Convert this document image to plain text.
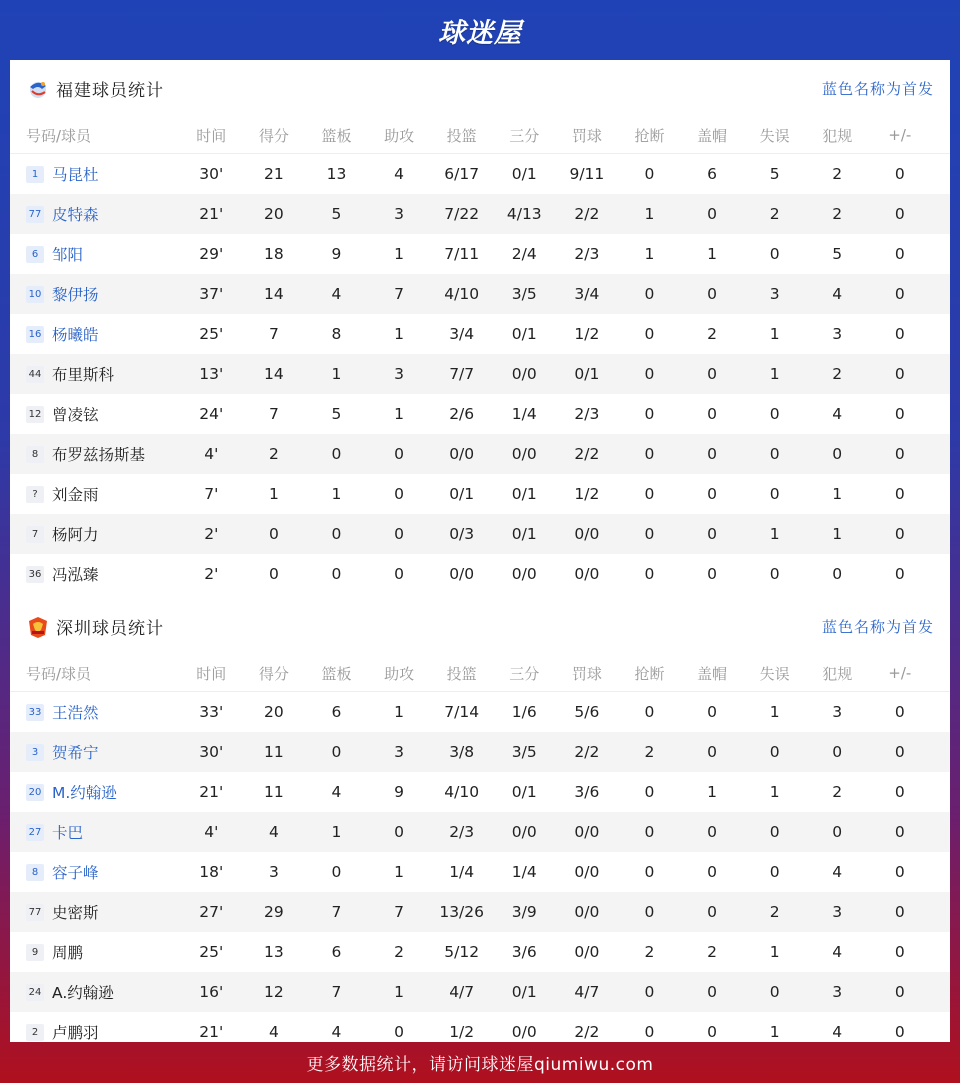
球迷屋
福建球员统计	蓝色名称为首发
号码/球员	时间	得分	篮板	助攻	投篮	三分	罚球	抢断	盖帽	失误	犯规	+/-
1 马昆杜	30'	21	13	4	6/17	0/1	9/11	0	6	5	2	0
77 皮特森	21'	20	5	3	7/22	4/13	2/2	1	0	2	2	0
6 邹阳	29'	18	9	1	7/11	2/4	2/3	1	1	0	5	0
10 黎伊扬	37'	14	4	7	4/10	3/5	3/4	0	0	3	4	0
16 杨曦皓	25'	7	8	1	3/4	0/1	1/2	0	2	1	3	0
44 布里斯科	13'	14	1	3	7/7	0/0	0/1	0	0	1	2	0
12 曾凌铉	24'	7	5	1	2/6	1/4	2/3	0	0	0	4	0
8 布罗兹扬斯基	4'	2	0	0	0/0	0/0	2/2	0	0	0	0	0
? 刘金雨	7'	1	1	0	0/1	0/1	1/2	0	0	0	1	0
7 杨阿力	2'	0	0	0	0/3	0/1	0/0	0	0	1	1	0
36 冯泓臻	2'	0	0	0	0/0	0/0	0/0	0	0	0	0	0
深圳球员统计	蓝色名称为首发
号码/球员	时间	得分	篮板	助攻	投篮	三分	罚球	抢断	盖帽	失误	犯规	+/-
33 王浩然	33'	20	6	1	7/14	1/6	5/6	0	0	1	3	0
3 贺希宁	30'	11	0	3	3/8	3/5	2/2	2	0	0	0	0
20 M.约翰逊	21'	11	4	9	4/10	0/1	3/6	0	1	1	2	0
27 卡巴	4'	4	1	0	2/3	0/0	0/0	0	0	0	0	0
8 容子峰	18'	3	0	1	1/4	1/4	0/0	0	0	0	4	0
77 史密斯	27'	29	7	7	13/26	3/9	0/0	0	0	2	3	0
9 周鹏	25'	13	6	2	5/12	3/6	0/0	2	2	1	4	0
24 A.约翰逊	16'	12	7	1	4/7	0/1	4/7	0	0	0	3	0
2 卢鹏羽	21'	4	4	0	1/2	0/0	2/2	0	0	1	4	0
更多数据统计，请访问球迷屋qiumiwu.com
